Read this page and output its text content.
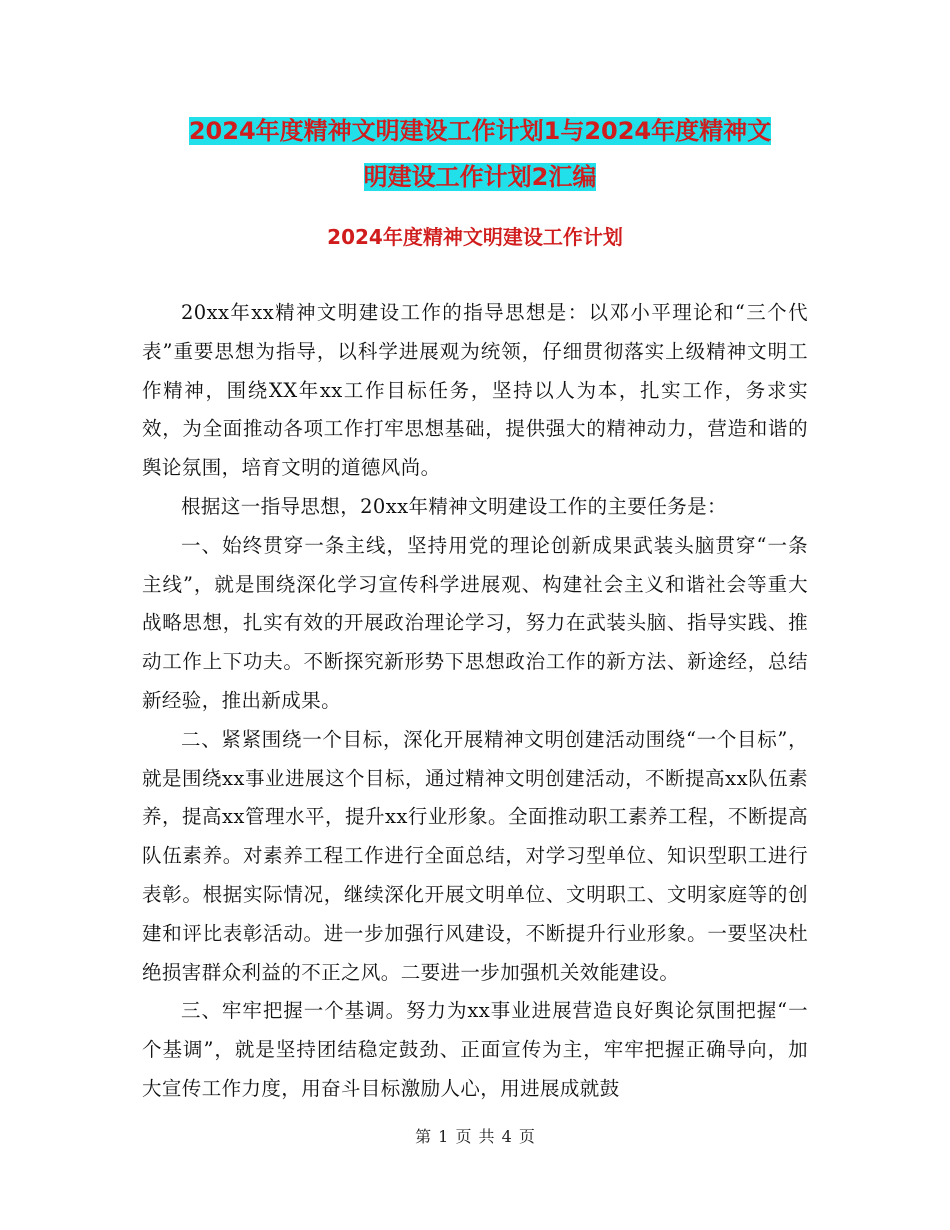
2024年度精神文明建设工作计划1与2024年度精神文
明建设工作计划2汇编
2024年度精神文明建设工作计划

20xx年xx精神文明建设工作的指导思想是：以邓小平理论和“三个代表”重要思想为指导，以科学进展观为统领，仔细贯彻落实上级精神文明工作精神，围绕XX年xx工作目标任务，坚持以人为本，扎实工作，务求实效，为全面推动各项工作打牢思想基础，提供强大的精神动力，营造和谐的舆论氛围，培育文明的道德风尚。

根据这一指导思想，20xx年精神文明建设工作的主要任务是：

一、始终贯穿一条主线，坚持用党的理论创新成果武装头脑贯穿“一条主线”，就是围绕深化学习宣传科学进展观、构建社会主义和谐社会等重大战略思想，扎实有效的开展政治理论学习，努力在武装头脑、指导实践、推动工作上下功夫。不断探究新形势下思想政治工作的新方法、新途经，总结新经验，推出新成果。

二、紧紧围绕一个目标，深化开展精神文明创建活动围绕“一个目标”，就是围绕xx事业进展这个目标，通过精神文明创建活动，不断提高xx队伍素养，提高xx管理水平，提升xx行业形象。全面推动职工素养工程，不断提高队伍素养。对素养工程工作进行全面总结，对学习型单位、知识型职工进行表彰。根据实际情况，继续深化开展文明单位、文明职工、文明家庭等的创建和评比表彰活动。进一步加强行风建设，不断提升行业形象。一要坚决杜绝损害群众利益的不正之风。二要进一步加强机关效能建设。

三、牢牢把握一个基调。努力为xx事业进展营造良好舆论氛围把握“一个基调”，就是坚持团结稳定鼓劲、正面宣传为主，牢牢把握正确导向，加大宣传工作力度，用奋斗目标激励人心，用进展成就鼓

第 1 页 共 4 页
